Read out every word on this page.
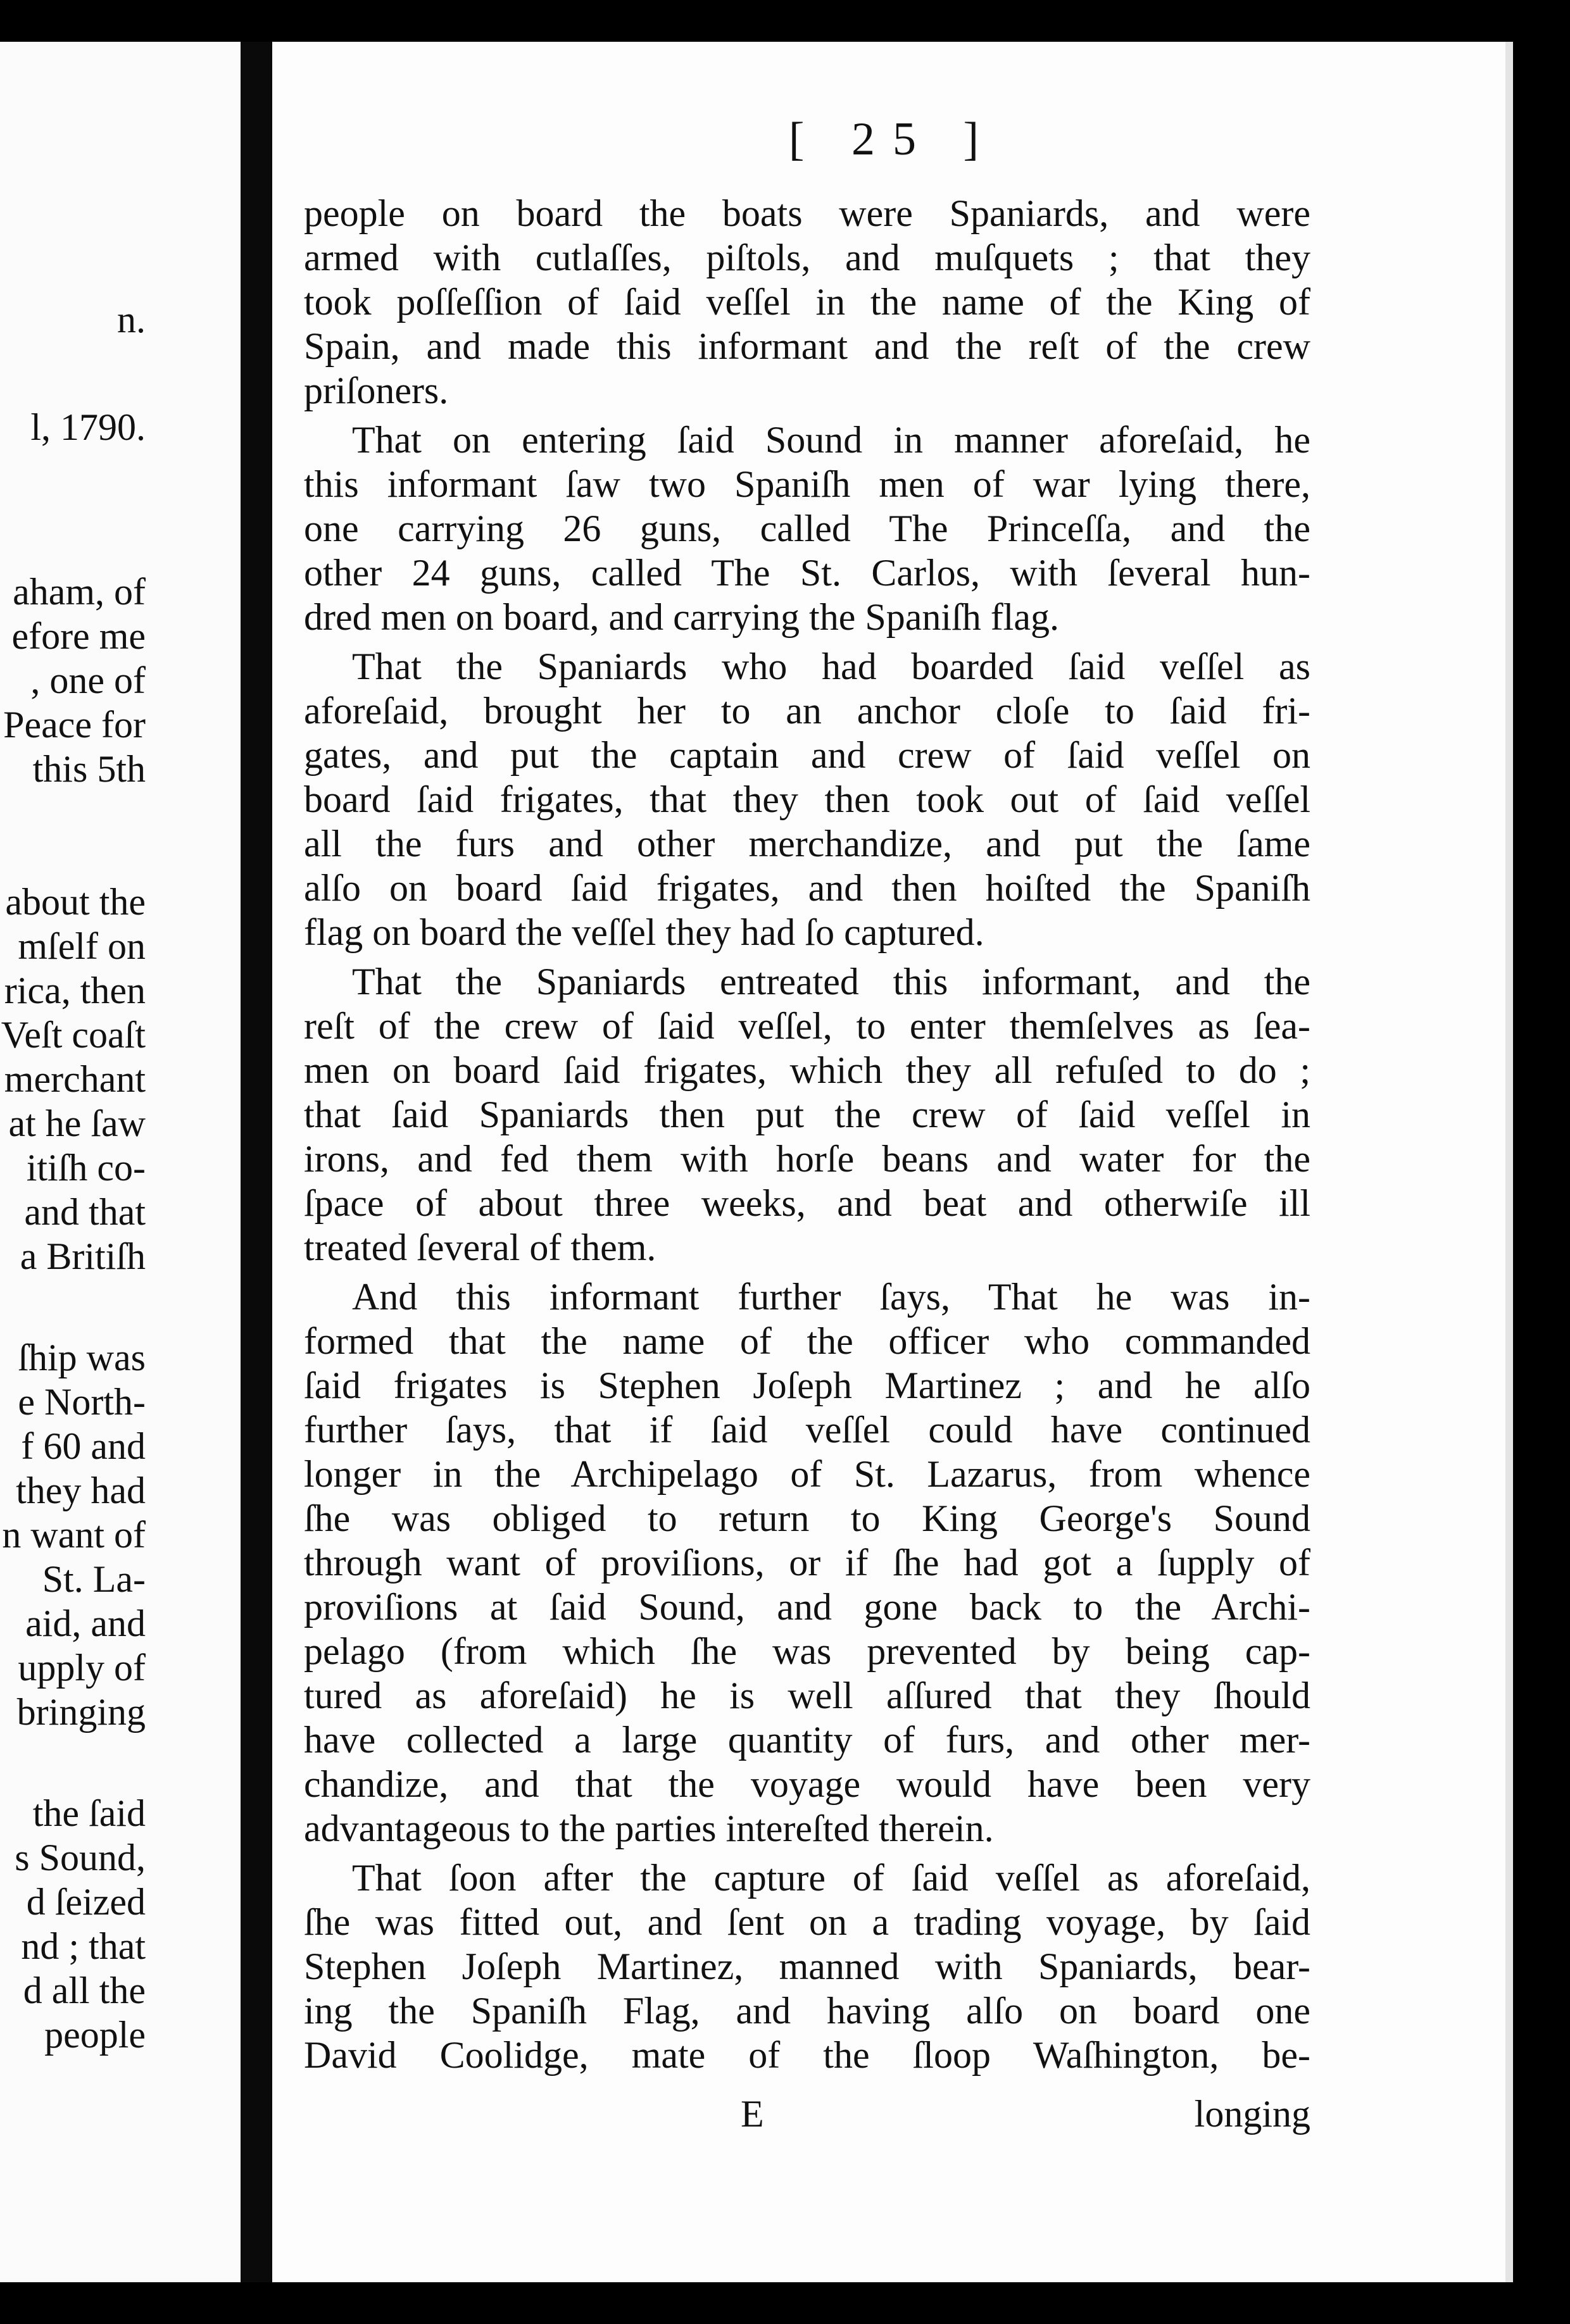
n.
l, 1790.
aham, of
efore me
, one of
Peace for
this 5th
about the
mſelf on
rica, then
Veſt coaſt
merchant
at he ſaw
itiſh co-
and that
a Britiſh
ſhip was
e North-
f 60 and
they had
n want of
St. La-
aid, and
upply of
bringing
the ſaid
s Sound,
d ſeized
nd ; that
d all the
people
[ 25 ]
people on board the boats were Spaniards, and were
armed with cutlaſſes, piſtols, and muſquets ; that they
took poſſeſſion of ſaid veſſel in the name of the King of
Spain, and made this informant and the reſt of the crew
priſoners.
That on entering ſaid Sound in manner aforeſaid, he
this informant ſaw two Spaniſh men of war lying there,
one carrying 26 guns, called The Princeſſa, and the
other 24 guns, called The St. Carlos, with ſeveral hun-
dred men on board, and carrying the Spaniſh flag.
That the Spaniards who had boarded ſaid veſſel as
aforeſaid, brought her to an anchor cloſe to ſaid fri-
gates, and put the captain and crew of ſaid veſſel on
board ſaid frigates, that they then took out of ſaid veſſel
all the furs and other merchandize, and put the ſame
alſo on board ſaid frigates, and then hoiſted the Spaniſh
flag on board the veſſel they had ſo captured.
That the Spaniards entreated this informant, and the
reſt of the crew of ſaid veſſel, to enter themſelves as ſea-
men on board ſaid frigates, which they all refuſed to do ;
that ſaid Spaniards then put the crew of ſaid veſſel in
irons, and fed them with horſe beans and water for the
ſpace of about three weeks, and beat and otherwiſe ill
treated ſeveral of them.
And this informant further ſays, That he was in-
formed that the name of the officer who commanded
ſaid frigates is Stephen Joſeph Martinez ; and he alſo
further ſays, that if ſaid veſſel could have continued
longer in the Archipelago of St. Lazarus, from whence
ſhe was obliged to return to King George's Sound
through want of proviſions, or if ſhe had got a ſupply of
proviſions at ſaid Sound, and gone back to the Archi-
pelago (from which ſhe was prevented by being cap-
tured as aforeſaid) he is well aſſured that they ſhould
have collected a large quantity of furs, and other mer-
chandize, and that the voyage would have been very
advantageous to the parties intereſted therein.
That ſoon after the capture of ſaid veſſel as aforeſaid,
ſhe was fitted out, and ſent on a trading voyage, by ſaid
Stephen Joſeph Martinez, manned with Spaniards, bear-
ing the Spaniſh Flag, and having alſo on board one
David Coolidge, mate of the ſloop Waſhington, be-
E	longing
